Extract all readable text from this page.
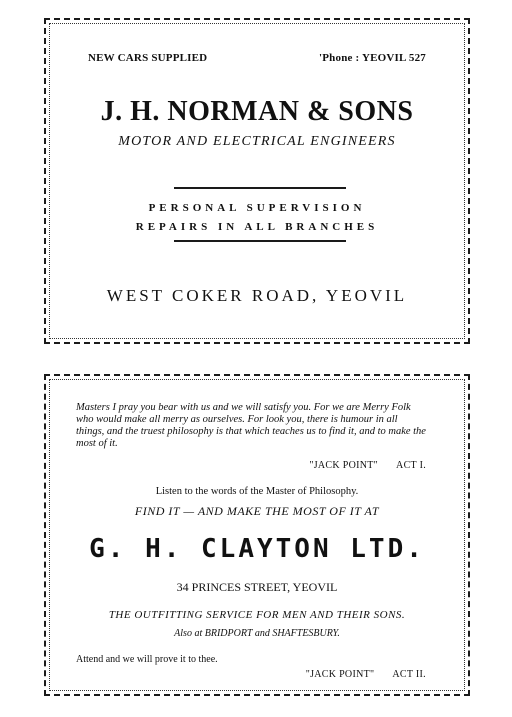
NEW CARS SUPPLIED	'Phone : YEOVIL 527
J. H. NORMAN & SONS
MOTOR AND ELECTRICAL ENGINEERS
PERSONAL SUPERVISION
REPAIRS IN ALL BRANCHES
WEST COKER ROAD, YEOVIL
Masters I pray you bear with us and we will satisfy you. For we are Merry Folk who would make all merry as ourselves. For look you, there is humour in all things, and the truest philosophy is that which teaches us to find it, and to make the most of it.
"JACK POINT" ACT I.
Listen to the words of the Master of Philosophy.
FIND IT — AND MAKE THE MOST OF IT AT
G. H. CLAYTON LTD.
34 PRINCES STREET, YEOVIL
THE OUTFITTING SERVICE FOR MEN AND THEIR SONS.
Also at BRIDPORT and SHAFTESBURY.
Attend and we will prove it to thee.
"JACK POINT" ACT II.
